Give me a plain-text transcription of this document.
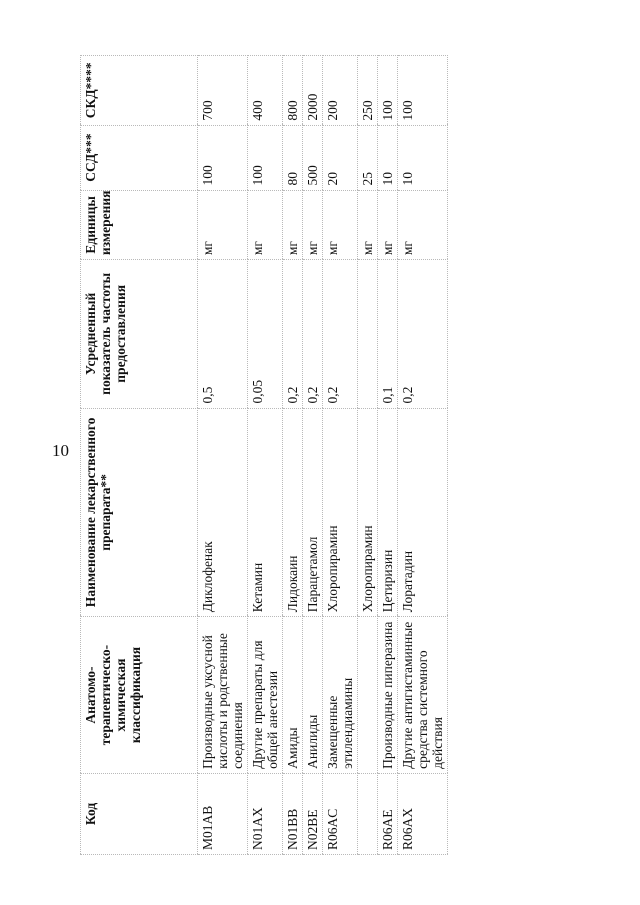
10
Код	Анатомо-терапевтическо-химическая классификация	Наименование лекарственного препарата**	Усредненный показатель частоты предоставления	Единицы измерения	ССД***	СКД****
M01AB	Производные уксусной кислоты и родственные соединения	Диклофенак	0,5	мг	100	700
N01AX	Другие препараты для общей анестезии	Кетамин	0,05	мг	100	400
N01BB	Амиды	Лидокаин	0,2	мг	80	800
N02BE	Анилиды	Парацетамол	0,2	мг	500	2000
R06AC	Замещенные этилендиамины	Хлоропирамин	0,2	мг	20	200
		Хлоропирамин		мг	25	250
R06AE	Производные пиперазина	Цетиризин	0,1	мг	10	100
R06AX	Другие антигистаминные средства системного действия	Лоратадин	0,2	мг	10	100
